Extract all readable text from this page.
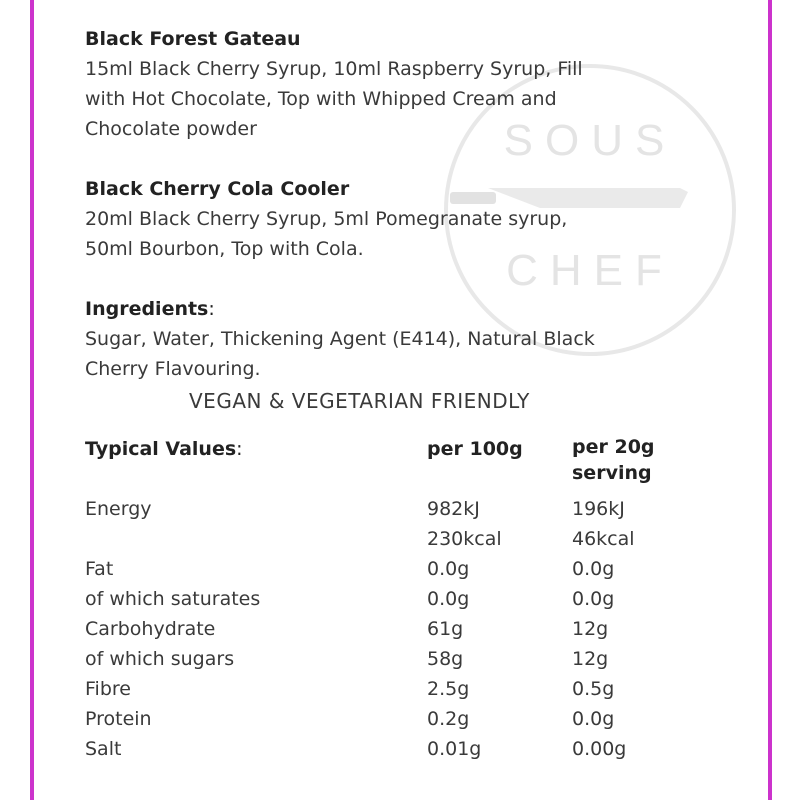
SOUS
CHEF
Black Forest Gateau

15ml Black Cherry Syrup, 10ml Raspberry Syrup, Fill

with Hot Chocolate, Top with Whipped Cream and

Chocolate powder

Black Cherry Cola Cooler

20ml Black Cherry Syrup, 5ml Pomegranate syrup,

50ml Bourbon, Top with Cola.

Ingredients:

Sugar, Water, Thickening Agent (E414), Natural Black

Cherry Flavouring.

VEGAN & VEGETARIAN FRIENDLY
Typical Values:	per 100g	per 20g
serving

Energy	982kJ	196kJ
	230kcal	46kcal
Fat	0.0g	0.0g
of which saturates	0.0g	0.0g
Carbohydrate	61g	12g
of which sugars	58g	12g
Fibre	2.5g	0.5g
Protein	0.2g	0.0g
Salt	0.01g	0.00g
